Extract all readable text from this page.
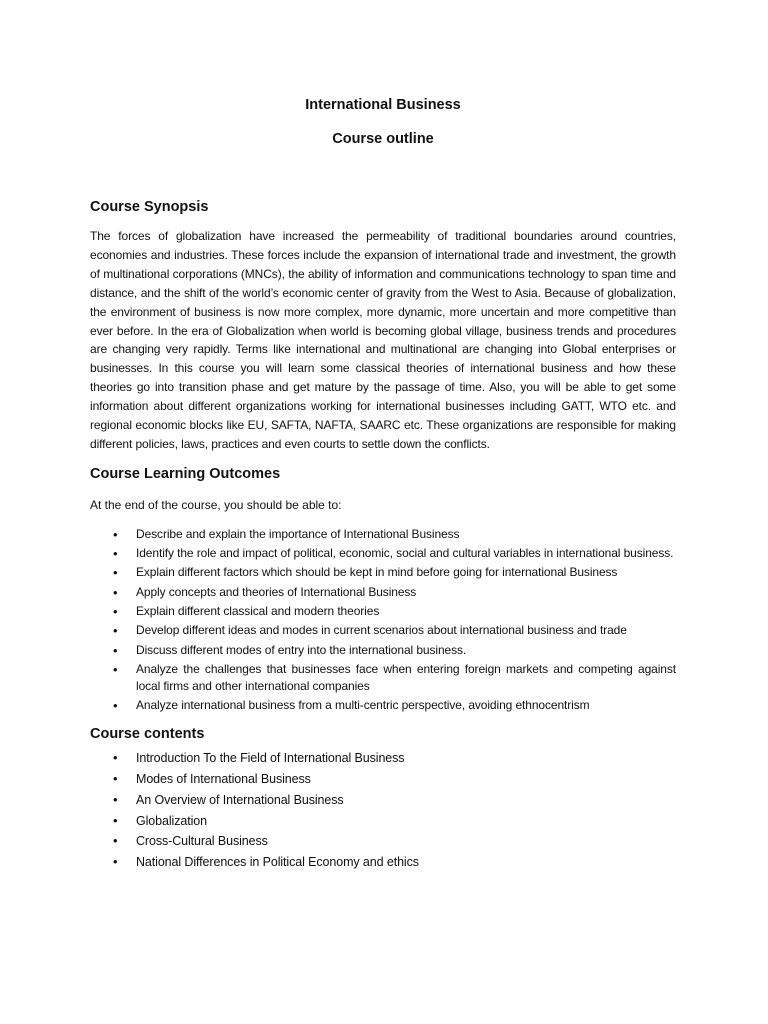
International Business
Course outline
Course Synopsis

The forces of globalization have increased the permeability of traditional boundaries around countries, economies and industries. These forces include the expansion of international trade and investment, the growth of multinational corporations (MNCs), the ability of information and communications technology to span time and distance, and the shift of the world’s economic center of gravity from the West to Asia. Because of globalization, the environment of business is now more complex, more dynamic, more uncertain and more competitive than ever before. In the era of Globalization when world is becoming global village, business trends and procedures are changing very rapidly. Terms like international and multinational are changing into Global enterprises or businesses. In this course you will learn some classical theories of international business and how these theories go into transition phase and get mature by the passage of time. Also, you will be able to get some information about different organizations working for international businesses including GATT, WTO etc. and regional economic blocks like EU, SAFTA, NAFTA, SAARC etc. These organizations are responsible for making different policies, laws, practices and even courts to settle down the conflicts.

Course Learning Outcomes

At the end of the course, you should be able to:

• Describe and explain the importance of International Business
• Identify the role and impact of political, economic, social and cultural variables in international business.
• Explain different factors which should be kept in mind before going for international Business
• Apply concepts and theories of International Business
• Explain different classical and modern theories
• Develop different ideas and modes in current scenarios about international business and trade
• Discuss different modes of entry into the international business.
• Analyze the challenges that businesses face when entering foreign markets and competing against local firms and other international companies
• Analyze international business from a multi-centric perspective, avoiding ethnocentrism
Course contents
• Introduction To the Field of International Business
• Modes of International Business
• An Overview of International Business
• Globalization
• Cross-Cultural Business
• National Differences in Political Economy and ethics
